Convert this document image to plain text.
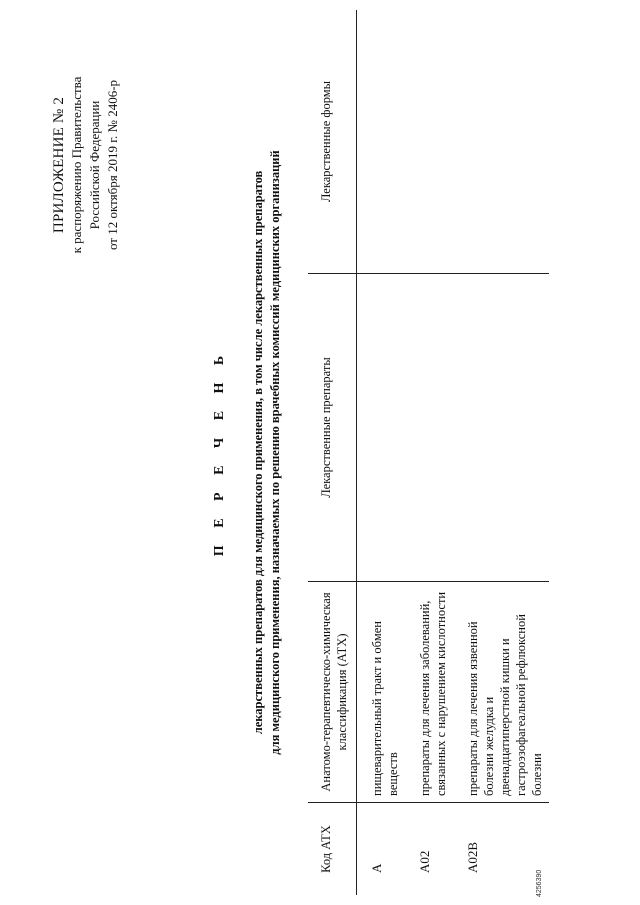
ПРИЛОЖЕНИЕ № 2 к распоряжению Правительства Российской Федерации от 12 октября 2019 г. № 2406-р
П Е Р Е Ч Е Н Ь лекарственных препаратов для медицинского применения, в том числе лекарственных препаратов для медицинского применения, назначаемых по решению врачебных комиссий медицинских организаций
Код АТХ	Анатомо-терапевтическо-химическая классификация (АТХ)	Лекарственные препараты	Лекарственные формы
A	пищеварительный тракт и обмен веществ		
A02	препараты для лечения заболеваний, связанных с нарушением кислотности		
A02B	препараты для лечения язвенной болезни желудка и двенадцатиперстной кишки и гастроэзофагеальной рефлюксной болезни		
4256390
